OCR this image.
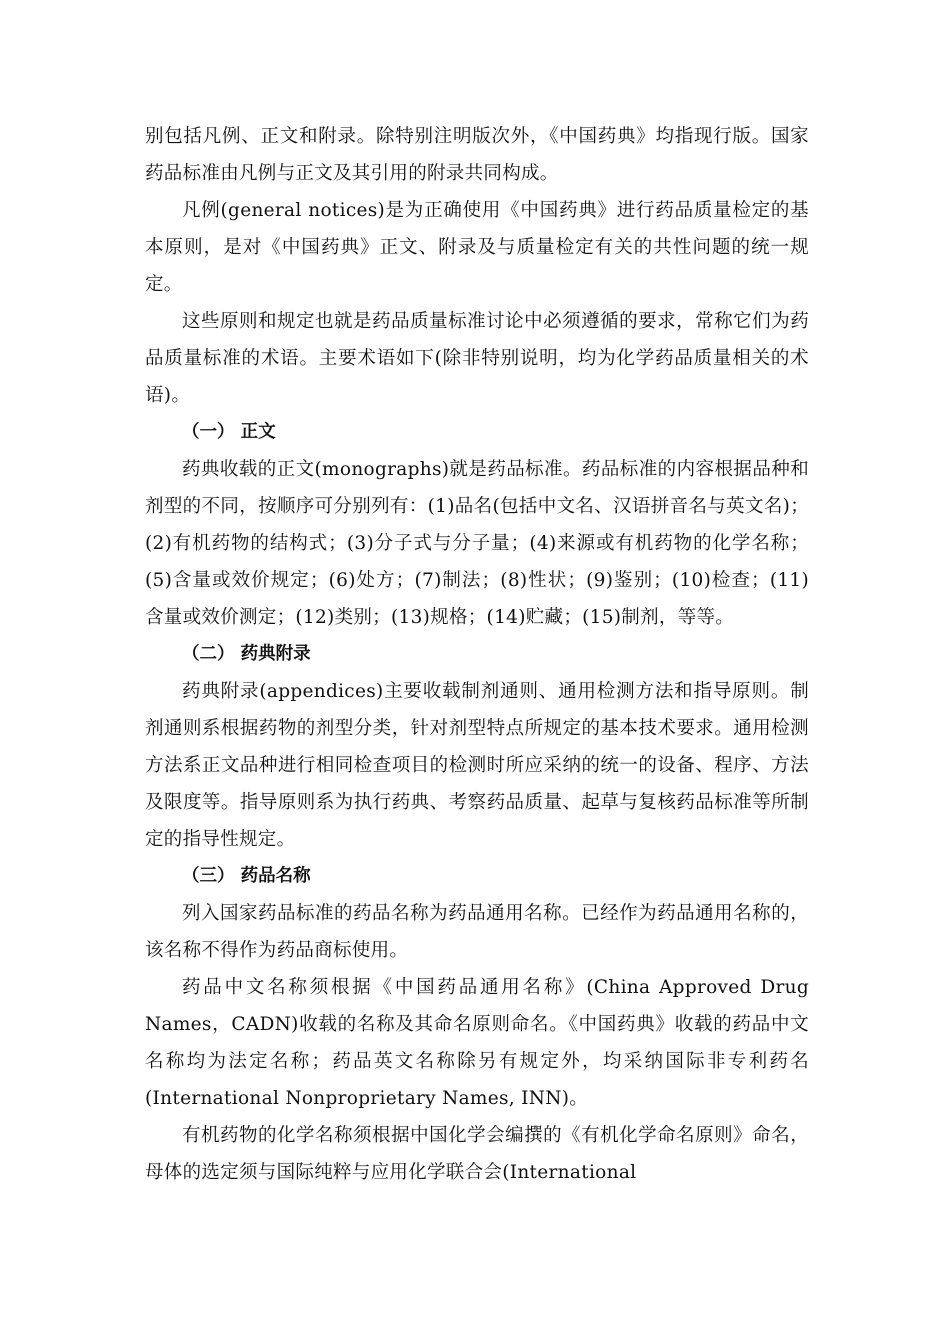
别包括凡例、正文和附录。除特别注明版次外，《中国药典》均指现行版。国家药品标准由凡例与正文及其引用的附录共同构成。

凡例(general notices)是为正确使用《中国药典》进行药品质量检定的基本原则，是对《中国药典》正文、附录及与质量检定有关的共性问题的统一规定。

这些原则和规定也就是药品质量标准讨论中必须遵循的要求，常称它们为药品质量标准的术语。主要术语如下(除非特别说明，均为化学药品质量相关的术语)。

（一） 正文

药典收载的正文(monographs)就是药品标准。药品标准的内容根据品种和剂型的不同，按顺序可分别列有：(1)品名(包括中文名、汉语拼音名与英文名)；(2)有机药物的结构式；(3)分子式与分子量；(4)来源或有机药物的化学名称；(5)含量或效价规定；(6)处方；(7)制法；(8)性状；(9)鉴别；(10)检查；(11)含量或效价测定；(12)类别；(13)规格；(14)贮藏；(15)制剂，等等。

（二） 药典附录

药典附录(appendices)主要收载制剂通则、通用检测方法和指导原则。制剂通则系根据药物的剂型分类，针对剂型特点所规定的基本技术要求。通用检测方法系正文品种进行相同检查项目的检测时所应采纳的统一的设备、程序、方法及限度等。指导原则系为执行药典、考察药品质量、起草与复核药品标准等所制定的指导性规定。

（三） 药品名称

列入国家药品标准的药品名称为药品通用名称。已经作为药品通用名称的，该名称不得作为药品商标使用。

药品中文名称须根据《中国药品通用名称》(China Approved Drug Names，CADN)收载的名称及其命名原则命名。《中国药典》收载的药品中文名称均为法定名称；药品英文名称除另有规定外，均采纳国际非专利药名(International Nonproprietary Names, INN)。

有机药物的化学名称须根据中国化学会编撰的《有机化学命名原则》命名，母体的选定须与国际纯粹与应用化学联合会(International
